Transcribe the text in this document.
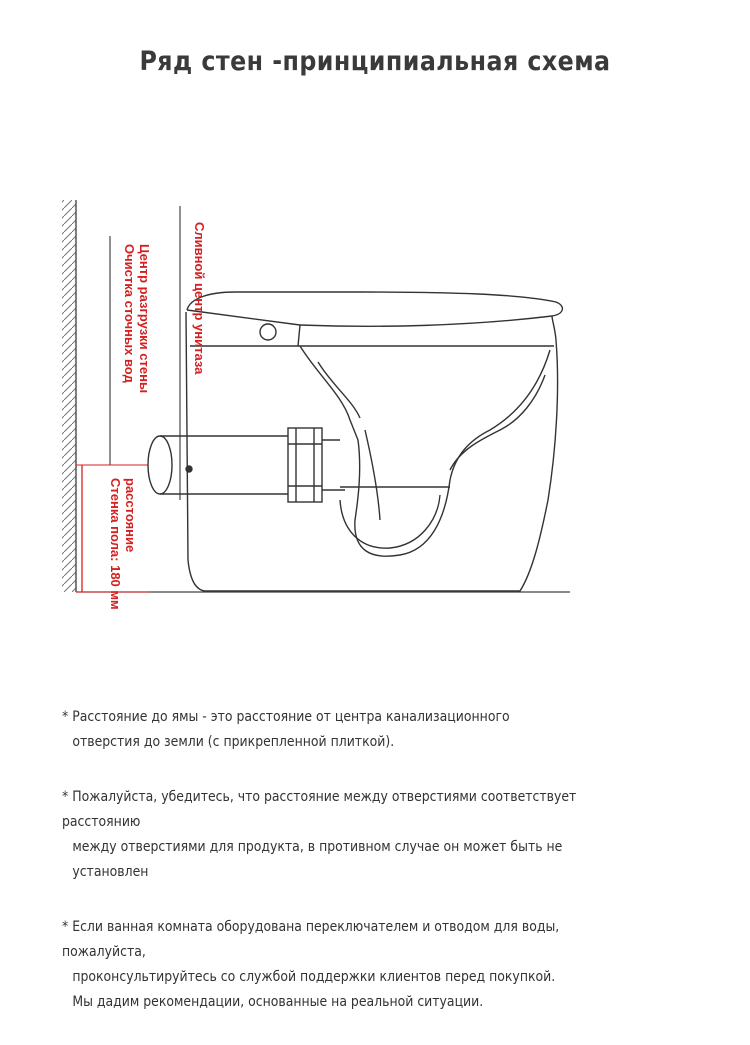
Ряд стен -принципиальная схема
Сливной центр унитаза
Центр разгрузки стены
Очистка сточных вод
расстояние
Стенка пола: 180 мм
* Расстояние до ямы - это расстояние от центра канализационного
отверстия до земли (с прикрепленной плиткой).
* Пожалуйста, убедитесь, что расстояние между отверстиями соответствует расстоянию
между отверстиями для продукта, в противном случае он может быть не установлен
* Если ванная комната оборудована переключателем и отводом для воды, пожалуйста,
проконсультируйтесь со службой поддержки клиентов перед покупкой.
Мы дадим рекомендации, основанные на реальной ситуации.
